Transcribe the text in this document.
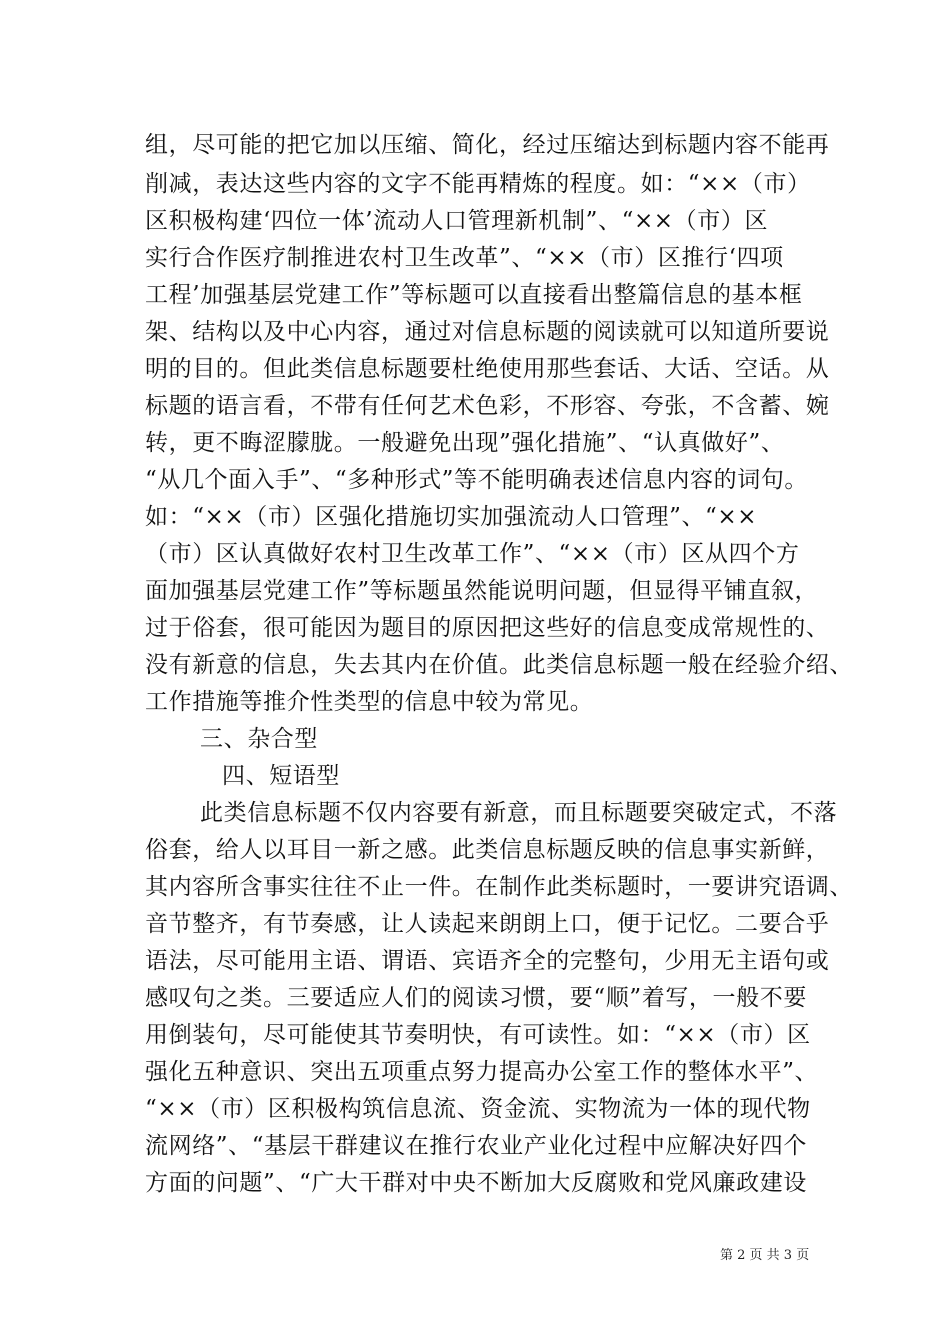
组，尽可能的把它加以压缩、简化，经过压缩达到标题内容不能再
削减，表达这些内容的文字不能再精炼的程度。如：“××（市）
区积极构建‘四位一体’流动人口管理新机制”、“××（市）区
实行合作医疗制推进农村卫生改革”、“××（市）区推行‘四项
工程’加强基层党建工作”等标题可以直接看出整篇信息的基本框
架、结构以及中心内容，通过对信息标题的阅读就可以知道所要说
明的目的。但此类信息标题要杜绝使用那些套话、大话、空话。从
标题的语言看，不带有任何艺术色彩，不形容、夸张，不含蓄、婉
转，更不晦涩朦胧。一般避免出现”强化措施”、“认真做好”、
“从几个面入手”、“多种形式”等不能明确表述信息内容的词句。
如：“××（市）区强化措施切实加强流动人口管理”、“××
（市）区认真做好农村卫生改革工作”、“××（市）区从四个方
面加强基层党建工作”等标题虽然能说明问题，但显得平铺直叙，
过于俗套，很可能因为题目的原因把这些好的信息变成常规性的、
没有新意的信息，失去其内在价值。此类信息标题一般在经验介绍、
工作措施等推介性类型的信息中较为常见。
三、杂合型
四、短语型
此类信息标题不仅内容要有新意，而且标题要突破定式，不落
俗套，给人以耳目一新之感。此类信息标题反映的信息事实新鲜，
其内容所含事实往往不止一件。在制作此类标题时，一要讲究语调、
音节整齐，有节奏感，让人读起来朗朗上口，便于记忆。二要合乎
语法，尽可能用主语、谓语、宾语齐全的完整句，少用无主语句或
感叹句之类。三要适应人们的阅读习惯，要“顺”着写，一般不要
用倒装句，尽可能使其节奏明快，有可读性。如：“××（市）区
强化五种意识、突出五项重点努力提高办公室工作的整体水平”、
“××（市）区积极构筑信息流、资金流、实物流为一体的现代物
流网络”、“基层干群建议在推行农业产业化过程中应解决好四个
方面的问题”、“广大干群对中央不断加大反腐败和党风廉政建设
第 2 页 共 3 页
